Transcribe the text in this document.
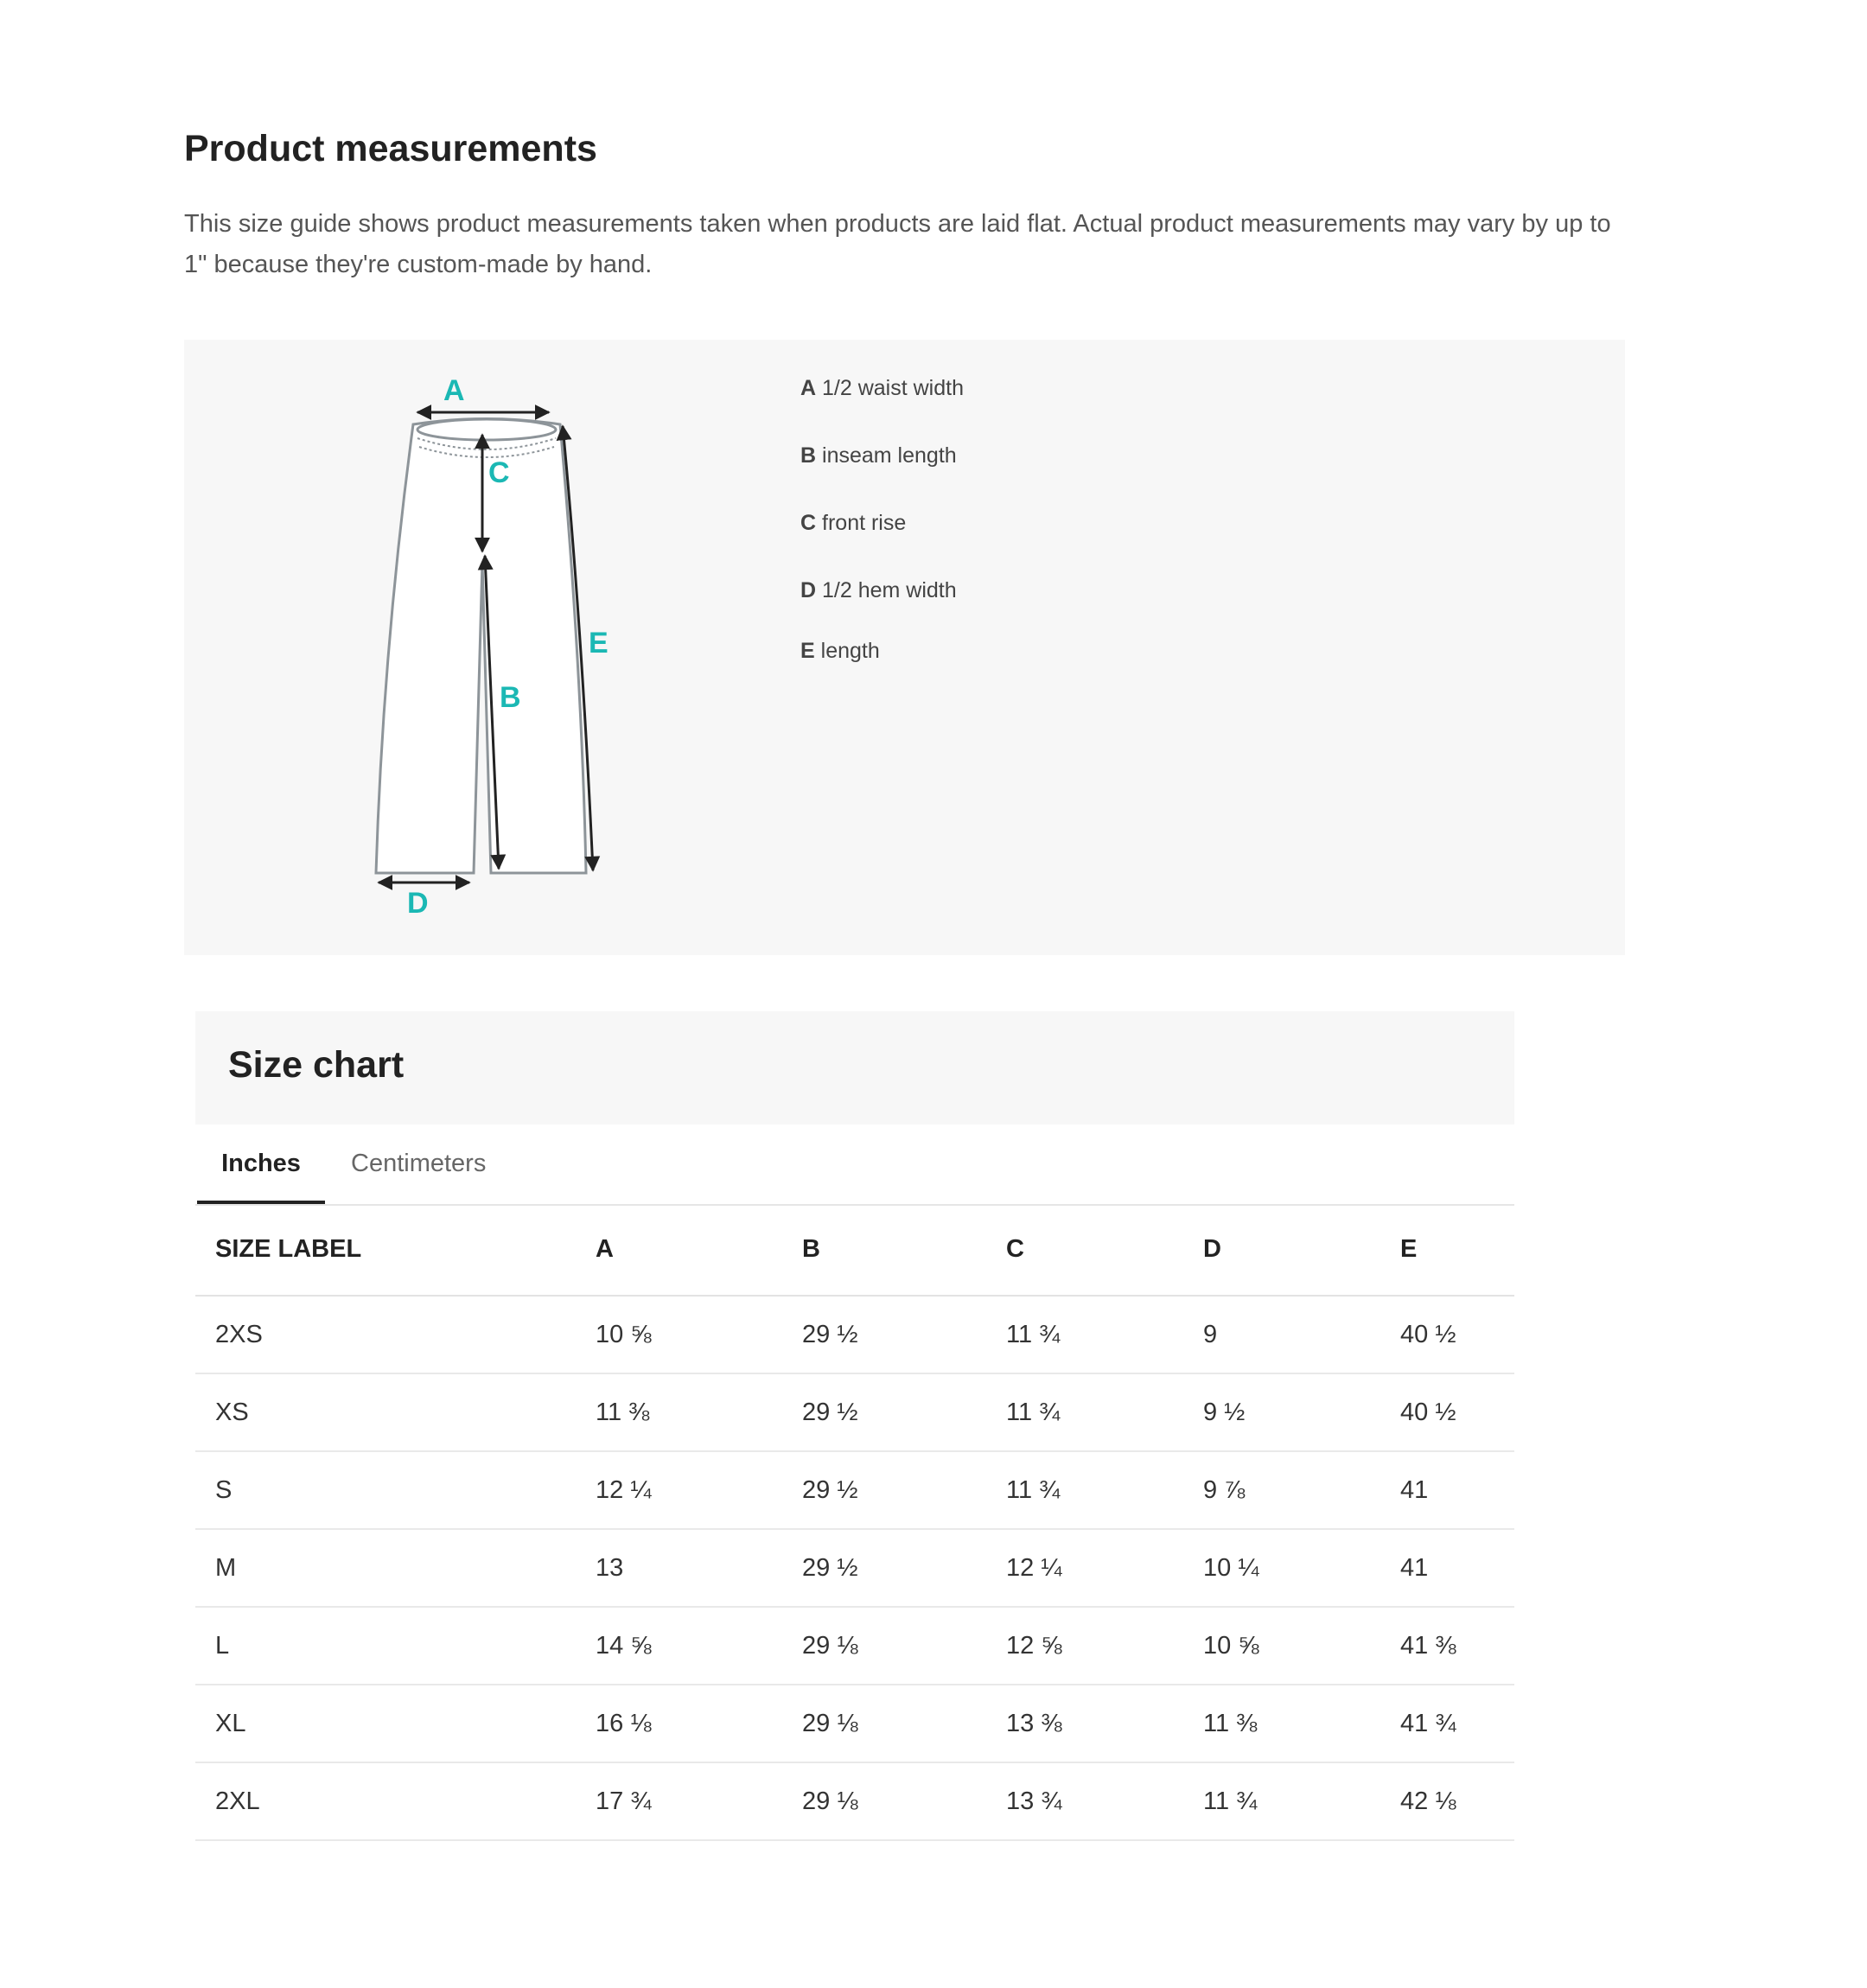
Product measurements
This size guide shows product measurements taken when products are laid flat. Actual product measurements may vary by up to 1" because they're custom-made by hand.
A
B
C
D
E
A 1/2 waist width
B inseam length
C front rise
D 1/2 hem width
E length
Size chart
Inches	Centimeters
SIZE LABEL	A	B	C	D	E
2XS	10 ⅝	29 ½	11 ¾	9	40 ½
XS	11 ⅜	29 ½	11 ¾	9 ½	40 ½
S	12 ¼	29 ½	11 ¾	9 ⅞	41
M	13	29 ½	12 ¼	10 ¼	41
L	14 ⅝	29 ⅛	12 ⅝	10 ⅝	41 ⅜
XL	16 ⅛	29 ⅛	13 ⅜	11 ⅜	41 ¾
2XL	17 ¾	29 ⅛	13 ¾	11 ¾	42 ⅛
